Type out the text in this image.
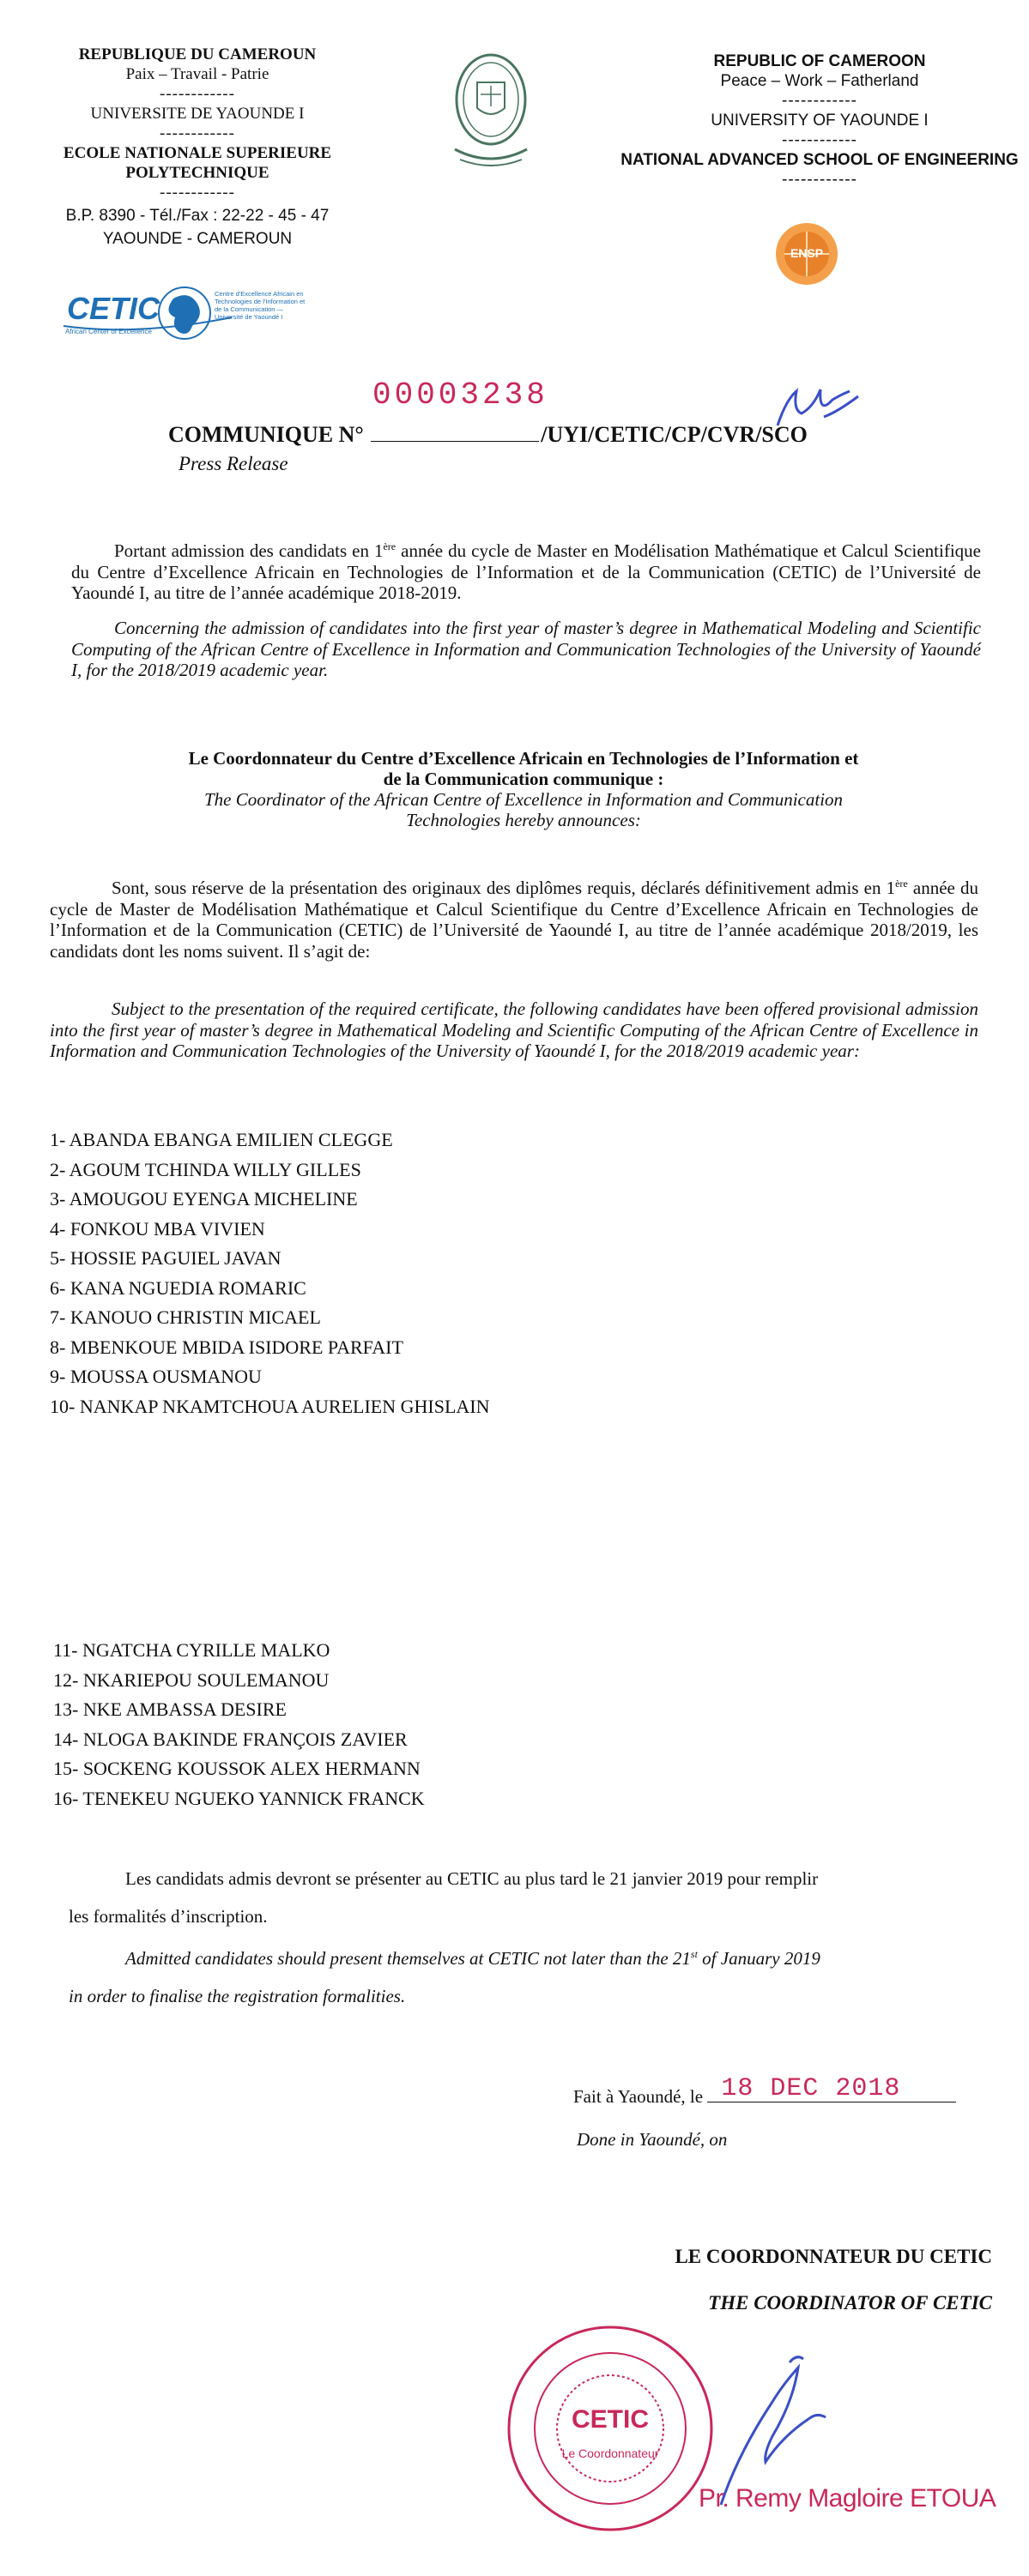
REPUBLIQUE DU CAMEROUN
Paix – Travail - Patrie
------------
UNIVERSITE DE YAOUNDE I
------------
ECOLE NATIONALE SUPERIEURE
POLYTECHNIQUE
------------
B.P. 8390 - Tél./Fax : 22-22 - 45 - 47
YAOUNDE - CAMEROUN
CETIC
African Center of Excellence
Centre d'Excellence Africain en Technologies de l'Information et de la Communication — Université de Yaoundé I
REPUBLIC OF CAMEROON
Peace – Work – Fatherland
------------
UNIVERSITY OF YAOUNDE I
------------
NATIONAL ADVANCED SCHOOL OF ENGINEERING
------------
ENSP
00003238
COMMUNIQUE N°	/UYI/CETIC/CP/CVR/SCO
Press Release
Portant admission des candidats en 1ère année du cycle de Master en Modélisation Mathématique et Calcul Scientifique du Centre d’Excellence Africain en Technologies de l’Information et de la Communication (CETIC) de l’Université de Yaoundé I, au titre de l’année académique 2018-2019.
Concerning the admission of candidates into the first year of master’s degree in Mathematical Modeling and Scientific Computing of the African Centre of Excellence in Information and Communication Technologies of the University of Yaoundé I, for the 2018/2019 academic year.
Le Coordonnateur du Centre d’Excellence Africain en Technologies de l’Information et
de la Communication communique :
The Coordinator of the African Centre of Excellence in Information and Communication
Technologies hereby announces:
Sont, sous réserve de la présentation des originaux des diplômes requis, déclarés définitivement admis en 1ère année du cycle de Master de Modélisation Mathématique et Calcul Scientifique du Centre d’Excellence Africain en Technologies de l’Information et de la Communication (CETIC) de l’Université de Yaoundé I, au titre de l’année académique 2018/2019, les candidats dont les noms suivent. Il s’agit de:
Subject to the presentation of the required certificate, the following candidates have been offered provisional admission into the first year of master’s degree in Mathematical Modeling and Scientific Computing of the African Centre of Excellence in Information and Communication Technologies of the University of Yaoundé I, for the 2018/2019 academic year:
1- ABANDA EBANGA EMILIEN CLEGGE
2- AGOUM TCHINDA WILLY GILLES
3- AMOUGOU EYENGA MICHELINE
4- FONKOU MBA VIVIEN
5- HOSSIE PAGUIEL JAVAN
6- KANA NGUEDIA ROMARIC
7- KANOUO CHRISTIN MICAEL
8- MBENKOUE MBIDA ISIDORE PARFAIT
9- MOUSSA OUSMANOU
10- NANKAP NKAMTCHOUA AURELIEN GHISLAIN
11- NGATCHA CYRILLE MALKO
12- NKARIEPOU SOULEMANOU
13- NKE AMBASSA DESIRE
14- NLOGA BAKINDE FRANÇOIS ZAVIER
15- SOCKENG KOUSSOK ALEX HERMANN
16- TENEKEU NGUEKO YANNICK FRANCK
Les candidats admis devront se présenter au CETIC au plus tard le 21 janvier 2019 pour remplir
les formalités d’inscription.
Admitted candidates should present themselves at CETIC not later than the 21st of January 2019
in order to finalise the registration formalities.
Fait à Yaoundé, le 18 DEC 2018
Done in Yaoundé, on
LE COORDONNATEUR DU CETIC
THE COORDINATOR OF CETIC
CETIC
Le Coordonnateur
Pr. Remy Magloire ETOUA
